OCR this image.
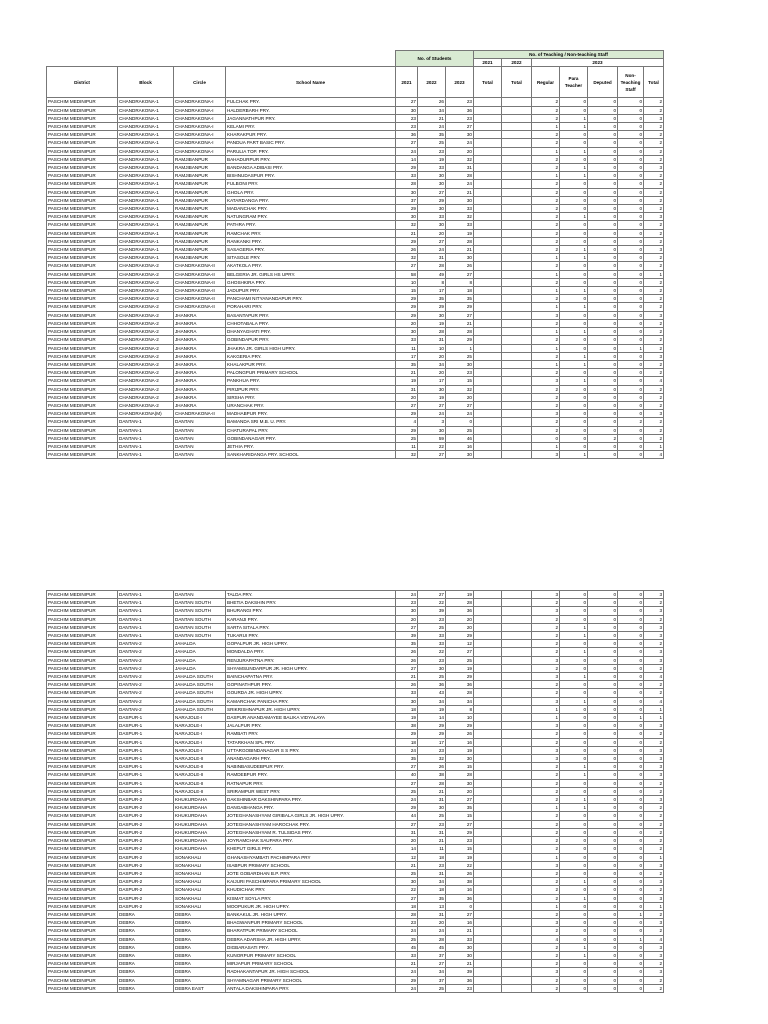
				No. of Students			No. of Teaching / Non-teaching Staff						
							2021	2022	2023				
District	Block	Circle	School Name	2021	2022	2023	Total	Total	Regular	Para Teacher	Deputed	Non-Teaching Staff	Total
PASCHIM MEDINIPUR	CHANDRAKONA-1	CHANDRAKONA-I	FULCHAK PRY.	27	26	23			2	0	0	0	2
PASCHIM MEDINIPUR	CHANDRAKONA-1	CHANDRAKONA-I	HALDERBARH PRY.	30	34	36			2	0	0	0	2
PASCHIM MEDINIPUR	CHANDRAKONA-1	CHANDRAKONA-I	JAGANNATHPUR PRY.	23	21	23			2	1	0	0	3
PASCHIM MEDINIPUR	CHANDRAKONA-1	CHANDRAKONA-I	KELAMI PRY.	23	24	27			1	1	0	0	2
PASCHIM MEDINIPUR	CHANDRAKONA-1	CHANDRAKONA-I	KHARAKPUR PRY.	36	35	30			2	0	0	0	2
PASCHIM MEDINIPUR	CHANDRAKONA-1	CHANDRAKONA-I	PANDUA PART BASIC PRY.	27	25	24			2	0	0	0	2
PASCHIM MEDINIPUR	CHANDRAKONA-1	CHANDRAKONA-I	PARULIA TOP. PRY.	24	23	20			1	1	0	0	2
PASCHIM MEDINIPUR	CHANDRAKONA-1	RAMJIBANPUR	BAHADURPUR PRY.	14	19	32			2	0	0	0	2
PASCHIM MEDINIPUR	CHANDRAKONA-1	RAMJIBANPUR	BANDANGA ADIBASI PRY.	29	33	31			2	1	0	0	3
PASCHIM MEDINIPUR	CHANDRAKONA-1	RAMJIBANPUR	BISHNUDASPUR PRY.	33	30	28			1	1	0	0	2
PASCHIM MEDINIPUR	CHANDRAKONA-1	RAMJIBANPUR	FULBONI PRY.	28	30	24			2	0	0	0	2
PASCHIM MEDINIPUR	CHANDRAKONA-1	RAMJIBANPUR	GHOLA PRY.	30	27	21			2	0	0	0	2
PASCHIM MEDINIPUR	CHANDRAKONA-1	RAMJIBANPUR	KATARDANGA PRY.	37	29	30			2	0	0	0	2
PASCHIM MEDINIPUR	CHANDRAKONA-1	RAMJIBANPUR	MADANCHAK PRY.	29	30	33			2	0	0	0	2
PASCHIM MEDINIPUR	CHANDRAKONA-1	RAMJIBANPUR	NATUNGRAM PRY.	30	33	32			2	1	0	0	3
PASCHIM MEDINIPUR	CHANDRAKONA-1	RAMJIBANPUR	PATHRA PRY.	32	30	33			2	0	0	0	2
PASCHIM MEDINIPUR	CHANDRAKONA-1	RAMJIBANPUR	RAMCHAK PRY.	21	20	19			2	0	0	0	2
PASCHIM MEDINIPUR	CHANDRAKONA-1	RAMJIBANPUR	RANKANKI PRY.	29	27	28			2	0	0	0	2
PASCHIM MEDINIPUR	CHANDRAKONA-1	RAMJIBANPUR	SASAGERIA PRY.	26	24	21			2	1	0	0	3
PASCHIM MEDINIPUR	CHANDRAKONA-1	RAMJIBANPUR	SITASOLE PRY.	32	31	30			1	1	0	0	2
PASCHIM MEDINIPUR	CHANDRAKONA-2	CHANDRAKONA-II	AKATKOLA PRY.	27	28	26			2	0	0	0	2
PASCHIM MEDINIPUR	CHANDRAKONA-2	CHANDRAKONA-II	BELGERIA JR. GIRLS HS UPRY.	58	49	27			1	0	0	0	1
PASCHIM MEDINIPUR	CHANDRAKONA-2	CHANDRAKONA-II	GHOSHKIRA PRY.	10	8	8			2	0	0	0	2
PASCHIM MEDINIPUR	CHANDRAKONA-2	CHANDRAKONA-II	JADUPUR PRY.	15	17	18			1	1	0	0	2
PASCHIM MEDINIPUR	CHANDRAKONA-2	CHANDRAKONA-II	PANCHAMI NITYANANDAPUR PRY.	29	35	35			2	0	0	0	2
PASCHIM MEDINIPUR	CHANDRAKONA-2	CHANDRAKONA-II	PORAHARI PRY.	29	29	29			1	1	0	0	2
PASCHIM MEDINIPUR	CHANDRAKONA-2	JHANKRA	BASANTAPUR PRY.	29	30	27			3	0	0	0	3
PASCHIM MEDINIPUR	CHANDRAKONA-2	JHANKRA	CHHOTABALA PRY.	20	19	21			2	0	0	0	2
PASCHIM MEDINIPUR	CHANDRAKONA-2	JHANKRA	DHANYAGHATI PRY.	30	28	28			1	1	0	0	2
PASCHIM MEDINIPUR	CHANDRAKONA-2	JHANKRA	GOBINDAPUR PRY.	33	31	29			2	0	0	0	2
PASCHIM MEDINIPUR	CHANDRAKONA-2	JHANKRA	JHAKRA JR. GIRLS HIGH UPRY.	11	10	1			1	0	0	1	2
PASCHIM MEDINIPUR	CHANDRAKONA-2	JHANKRA	KAKGERIA PRY.	17	20	25			2	1	0	0	3
PASCHIM MEDINIPUR	CHANDRAKONA-2	JHANKRA	KHALAKPUR PRY.	35	34	30			1	1	0	0	2
PASCHIM MEDINIPUR	CHANDRAKONA-2	JHANKRA	PALONGPUR PRIMARY SCHOOL	21	20	23			2	0	0	0	2
PASCHIM MEDINIPUR	CHANDRAKONA-2	JHANKRA	PANKHUA PRY.	19	17	15			3	1	0	0	4
PASCHIM MEDINIPUR	CHANDRAKONA-2	JHANKRA	PIRIJPUR PRY.	31	30	32			2	0	0	0	2
PASCHIM MEDINIPUR	CHANDRAKONA-2	JHANKRA	SIRSHA PRY.	20	19	20			2	0	0	0	2
PASCHIM MEDINIPUR	CHANDRAKONA-2	JHANKRA	URANCHAK PRY.	27	27	27			2	0	0	0	2
PASCHIM MEDINIPUR	CHANDRAKONA(M)	CHANDRAKONA-II	MADHABPUR PRY.	29	24	24			3	0	0	0	3
PASCHIM MEDINIPUR	DANTAN-1	DANTAN	BAMANDA SRI M.B. U. PRY.	4	3	0			2	0	0	2	2
PASCHIM MEDINIPUR	DANTAN-1	DANTAN	CHATURAPAL PRY.	29	30	25			2	0	0	0	2
PASCHIM MEDINIPUR	DANTAN-1	DANTAN	GOBINDANAGAR PRY.	25	59	46			0	0	2	0	2
PASCHIM MEDINIPUR	DANTAN-1	DANTAN	JETHIA PRY.	11	22	16			1	0	0	0	1
PASCHIM MEDINIPUR	DANTAN-1	DANTAN	SANKHARIDANGA PRY. SCHOOL	32	27	30			3	1	0	0	4
PASCHIM MEDINIPUR	DANTAN-1	DANTAN	TALDA PRY.	24	27	19			3	0	0	0	3
PASCHIM MEDINIPUR	DANTAN-1	DANTAN SOUTH	BHETIA DAKSHIN PRY.	23	22	28			2	0	0	0	2
PASCHIM MEDINIPUR	DANTAN-1	DANTAN SOUTH	BHURANGI PRY.	30	39	36			3	0	0	0	3
PASCHIM MEDINIPUR	DANTAN-1	DANTAN SOUTH	KARANJI PRY.	20	23	20			2	0	0	0	2
PASCHIM MEDINIPUR	DANTAN-1	DANTAN SOUTH	SARTA SITALA PRY.	27	25	20			2	1	0	0	3
PASCHIM MEDINIPUR	DANTAN-1	DANTAN SOUTH	TUKARUI PRY.	39	33	29			2	1	0	0	3
PASCHIM MEDINIPUR	DANTAN-2	JAHALDA	GOPALPUR JR. HIGH UPRY.	35	33	12			2	0	0	0	2
PASCHIM MEDINIPUR	DANTAN-2	JAHALDA	MONDALDA PRY.	26	22	27			2	1	0	0	3
PASCHIM MEDINIPUR	DANTAN-2	JAHALDA	RENJURAPATNA PRY.	26	23	25			3	0	0	0	3
PASCHIM MEDINIPUR	DANTAN-2	JAHALDA	SHYAMSUNDARPUR JR. HIGH UPRY.	27	30	19			2	0	0	0	2
PASCHIM MEDINIPUR	DANTAN-2	JAHALDA SOUTH	BAINCHAPATNA PRY.	21	25	29			3	1	0	0	4
PASCHIM MEDINIPUR	DANTAN-2	JAHALDA SOUTH	GOPINATHPUR PRY.	26	36	36			2	0	0	0	2
PASCHIM MEDINIPUR	DANTAN-2	JAHALDA SOUTH	GOURDA JR. HIGH UPRY.	33	43	28			2	0	0	0	2
PASCHIM MEDINIPUR	DANTAN-2	JAHALDA SOUTH	KAMARCHAK PANICHA PRY.	30	34	34			3	1	0	0	4
PASCHIM MEDINIPUR	DANTAN-2	JAHALDA SOUTH	SRIKRISHNAPUR JR. HIGH UPRY.	18	19	8			1	0	0	0	1
PASCHIM MEDINIPUR	DASPUR-1	NARAJOLE-I	DASPUR ANANDAMAYEE BALIKA VIDYALAYA	19	14	10			1	0	0	1	1
PASCHIM MEDINIPUR	DASPUR-1	NARAJOLE-I	JALALPUR PRY.	38	29	29			3	0	0	0	3
PASCHIM MEDINIPUR	DASPUR-1	NARAJOLE-I	RAMBATI PRY.	29	29	26			2	0	0	0	2
PASCHIM MEDINIPUR	DASPUR-1	NARAJOLE-I	TATARKHAN SPL PRY.	18	17	16			2	0	0	0	2
PASCHIM MEDINIPUR	DASPUR-1	NARAJOLE-I	UTTARGOBINDANAGAR S S PRY.	24	23	19			3	0	0	0	3
PASCHIM MEDINIPUR	DASPUR-1	NARAJOLE-II	ANANDAGARH PRY.	35	32	30			3	0	0	0	3
PASCHIM MEDINIPUR	DASPUR-1	NARAJOLE-II	NABINBASUDEBPUR PRY.	27	26	15			2	1	0	0	3
PASCHIM MEDINIPUR	DASPUR-1	NARAJOLE-II	RAMDEBPUR PRY.	40	38	28			2	1	0	0	3
PASCHIM MEDINIPUR	DASPUR-1	NARAJOLE-II	RATNAPUR PRY.	27	28	30			2	0	0	0	2
PASCHIM MEDINIPUR	DASPUR-1	NARAJOLE-II	SRIRAMPUR WEST PRY.	25	21	20			2	0	0	0	2
PASCHIM MEDINIPUR	DASPUR-2	KHUKURDAHA	DAKSHINBAR DAKSHINPARA PRY.	24	31	27			2	1	0	0	3
PASCHIM MEDINIPUR	DASPUR-2	KHUKURDAHA	DANGABHANGA PRY.	29	30	35			1	1	0	0	2
PASCHIM MEDINIPUR	DASPUR-2	KHUKURDAHA	JOTEGHANASHYAM GIRIBALA GIRLS JR. HIGH UPRY.	44	25	15			2	0	0	0	2
PASCHIM MEDINIPUR	DASPUR-2	KHUKURDAHA	JOTEGHANASHYAM HAROCHAK PRY.	27	23	27			2	0	0	0	2
PASCHIM MEDINIPUR	DASPUR-2	KHUKURDAHA	JOTEGHANASHYAM R. TULSIDAS PRY.	31	31	29			2	0	0	0	2
PASCHIM MEDINIPUR	DASPUR-2	KHUKURDAHA	JOYRAMCHAK SAUPARA PRY.	20	21	23			2	0	0	0	2
PASCHIM MEDINIPUR	DASPUR-2	KHUKURDAHA	KHEPUT GIRLS PRY.	14	11	15			2	0	0	0	2
PASCHIM MEDINIPUR	DASPUR-2	SONAKHALI	GHANASHYAMBATI PACHIMPARA PRY	12	18	19			1	0	0	0	1
PASCHIM MEDINIPUR	DASPUR-2	SONAKHALI	ISABPUR PRIMARY SCHOOL	21	23	22			3	0	0	0	3
PASCHIM MEDINIPUR	DASPUR-2	SONAKHALI	JOTE GOBARDHAN B.P. PRY.	25	31	26			2	0	0	0	2
PASCHIM MEDINIPUR	DASPUR-2	SONAKHALI	KAIJURI PASCHIMPARA PRIMARY SCHOOL	30	34	38			2	1	0	0	3
PASCHIM MEDINIPUR	DASPUR-2	SONAKHALI	KHUDICHAK PRY.	22	18	16			2	0	0	0	2
PASCHIM MEDINIPUR	DASPUR-2	SONAKHALI	KISMAT SOYLA PRY.	27	35	36			2	1	0	0	3
PASCHIM MEDINIPUR	DASPUR-2	SONAKHALI	MOOPUKUR JR. HIGH UPRY.	18	13	0			1	0	0	0	1
PASCHIM MEDINIPUR	DEBRA	DEBRA	BANKAKUL JR. HIGH UPRY.	28	31	27			2	0	0	1	2
PASCHIM MEDINIPUR	DEBRA	DEBRA	BHAGWANPUR PRIMARY SCHOOL	23	20	16			3	0	0	0	3
PASCHIM MEDINIPUR	DEBRA	DEBRA	BHARATPUR PRIMARY SCHOOL	24	24	21			2	0	0	0	2
PASCHIM MEDINIPUR	DEBRA	DEBRA	DEBRA ADARSHA JR. HIGH UPRY.	25	28	33			4	0	0	1	4
PASCHIM MEDINIPUR	DEBRA	DEBRA	DIGBARASATI PRY.	45	45	30			2	1	0	0	3
PASCHIM MEDINIPUR	DEBRA	DEBRA	KUNORPUR PRIMARY SCHOOL	33	37	30			2	1	0	0	3
PASCHIM MEDINIPUR	DEBRA	DEBRA	MIRJAPUR PRIMARY SCHOOL	21	27	21			2	0	0	0	2
PASCHIM MEDINIPUR	DEBRA	DEBRA	RADHAKANTAPUR JR. HIGH SCHOOL	24	34	39			3	0	0	0	3
PASCHIM MEDINIPUR	DEBRA	DEBRA	SHYAMNAGAR PRIMARY SCHOOL	29	37	36			2	0	0	0	2
PASCHIM MEDINIPUR	DEBRA	DEBRA EAST	ANTALA DAKSHINPARA PRY.	24	25	23			2	0	0	0	2
